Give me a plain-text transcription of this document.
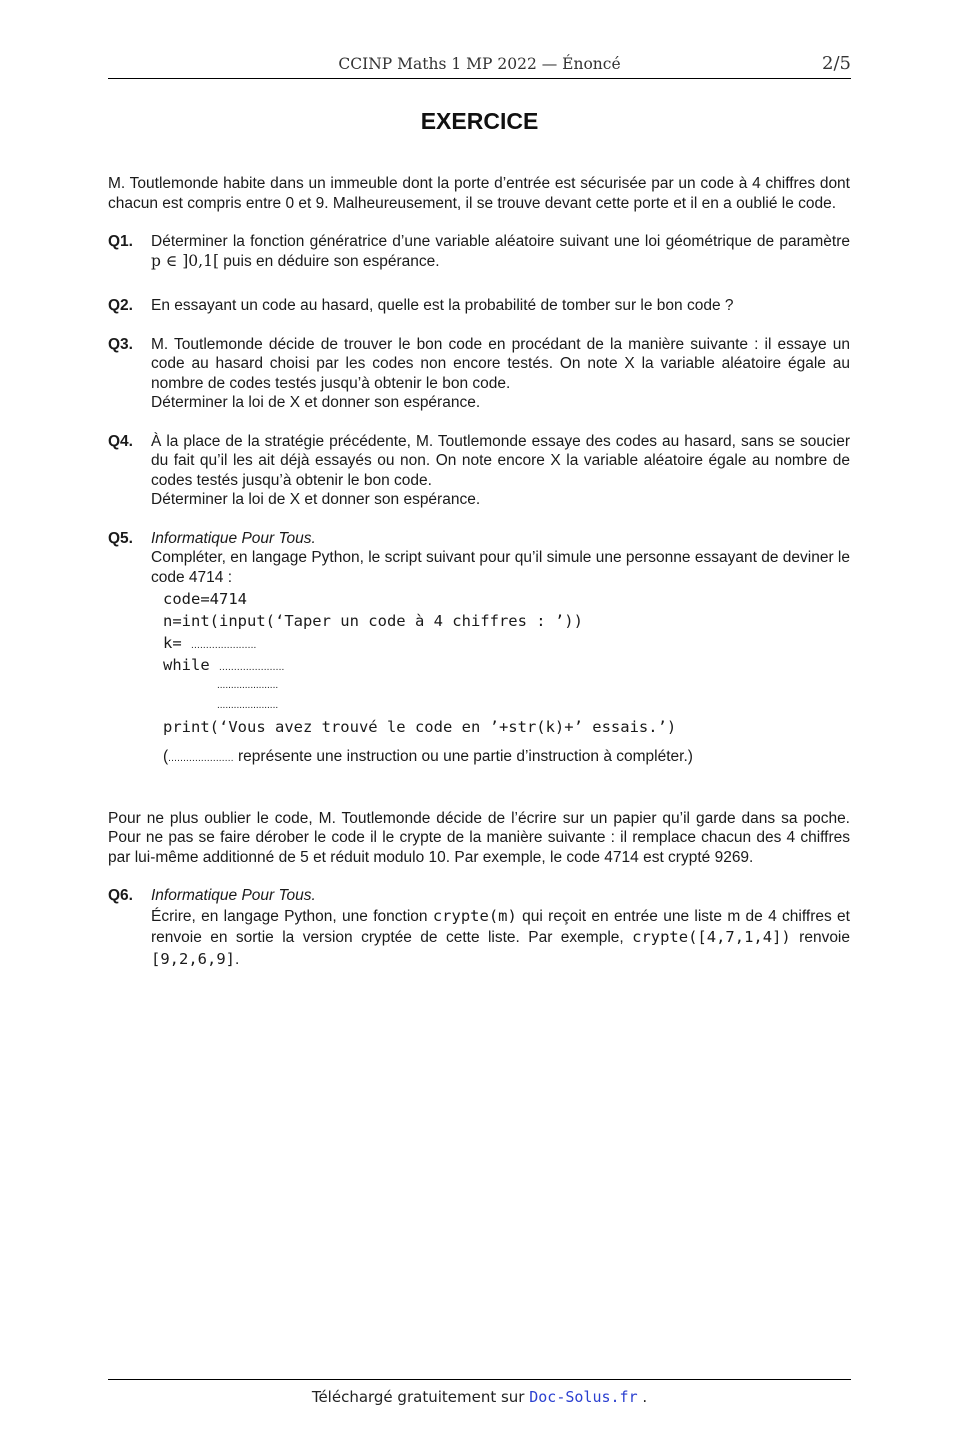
CCINP Maths 1 MP 2022 — Énoncé	2/5
EXERCICE

M. Toutlemonde habite dans un immeuble dont la porte d’entrée est sécurisée par un code à 4 chiffres dont chacun est compris entre 0 et 9. Malheureusement, il se trouve devant cette porte et il en a oublié le code.

Q1. Déterminer la fonction génératrice d’une variable aléatoire suivant une loi géométrique de paramètre p ∈ ]0,1[ puis en déduire son espérance.
Q2. En essayant un code au hasard, quelle est la probabilité de tomber sur le bon code ?
Q3. M. Toutlemonde décide de trouver le bon code en procédant de la manière suivante : il essaye un code au hasard choisi par les codes non encore testés. On note X la variable aléatoire égale au nombre de codes testés jusqu’à obtenir le bon code.
Déterminer la loi de X et donner son espérance.
Q4. À la place de la stratégie précédente, M. Toutlemonde essaye des codes au hasard, sans se soucier du fait qu’il les ait déjà essayés ou non. On note encore X la variable aléatoire égale au nombre de codes testés jusqu’à obtenir le bon code.
Déterminer la loi de X et donner son espérance.
Q5. Informatique Pour Tous.
Compléter, en langage Python, le script suivant pour qu’il simule une personne essayant de deviner le code 4714 :
code=4714
n=int(input(‘Taper un code à 4 chiffres : ’))
k= ......................
while ......................
......................
......................
print(‘Vous avez trouvé le code en ’+str(k)+’ essais.’)
(...................... représente une instruction ou une partie d’instruction à compléter.)

Pour ne plus oublier le code, M. Toutlemonde décide de l’écrire sur un papier qu’il garde dans sa poche. Pour ne pas se faire dérober le code il le crypte de la manière suivante : il remplace chacun des 4 chiffres par lui-même additionné de 5 et réduit modulo 10. Par exemple, le code 4714 est crypté 9269.

Q6. Informatique Pour Tous.
Écrire, en langage Python, une fonction crypte(m) qui reçoit en entrée une liste m de 4 chiffres et renvoie en sortie la version cryptée de cette liste. Par exemple, crypte([4,7,1,4]) renvoie [9,2,6,9].
Téléchargé gratuitement sur Doc-Solus.fr .
